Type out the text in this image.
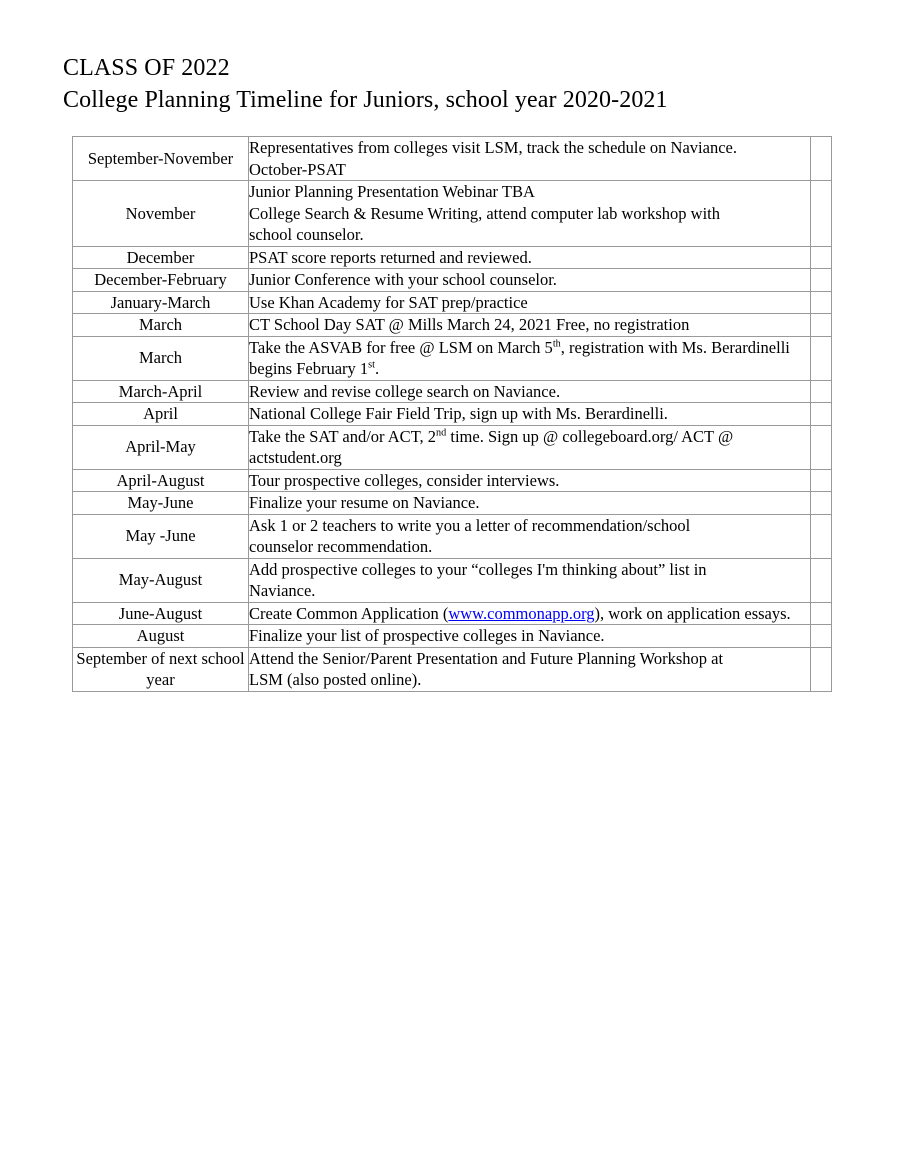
CLASS OF 2022
College Planning Timeline for Juniors, school year 2020-2021
September-November	Representatives from colleges visit LSM, track the schedule on Naviance.
October-PSAT	

November	Junior Planning Presentation Webinar TBA
College Search & Resume Writing, attend computer lab workshop with
school counselor.	

December	PSAT score reports returned and reviewed.	

December-February	Junior Conference with your school counselor.	

January-March	Use Khan Academy for SAT prep/practice	

March	CT School Day SAT @ Mills March 24, 2021 Free, no registration	

March	Take the ASVAB for free @ LSM on March 5th, registration with Ms. Berardinelli begins February 1st.	
March-April	Review and revise college search on Naviance.	

April	National College Fair Field Trip, sign up with Ms. Berardinelli.	

April-May	Take the SAT and/or ACT, 2nd time. Sign up @ collegeboard.org/ ACT @ actstudent.org	
April-August	Tour prospective colleges, consider interviews.	

May-June	Finalize your resume on Naviance.	

May -June	Ask 1 or 2 teachers to write you a letter of recommendation/school
counselor recommendation.	

May-August	Add prospective colleges to your “colleges I'm thinking about” list in
Naviance.	

June-August	Create Common Application (www.commonapp.org), work on application essays.	
August	Finalize your list of prospective colleges in Naviance.	

September of next school year	Attend the Senior/Parent Presentation and Future Planning Workshop at
LSM (also posted online).	
